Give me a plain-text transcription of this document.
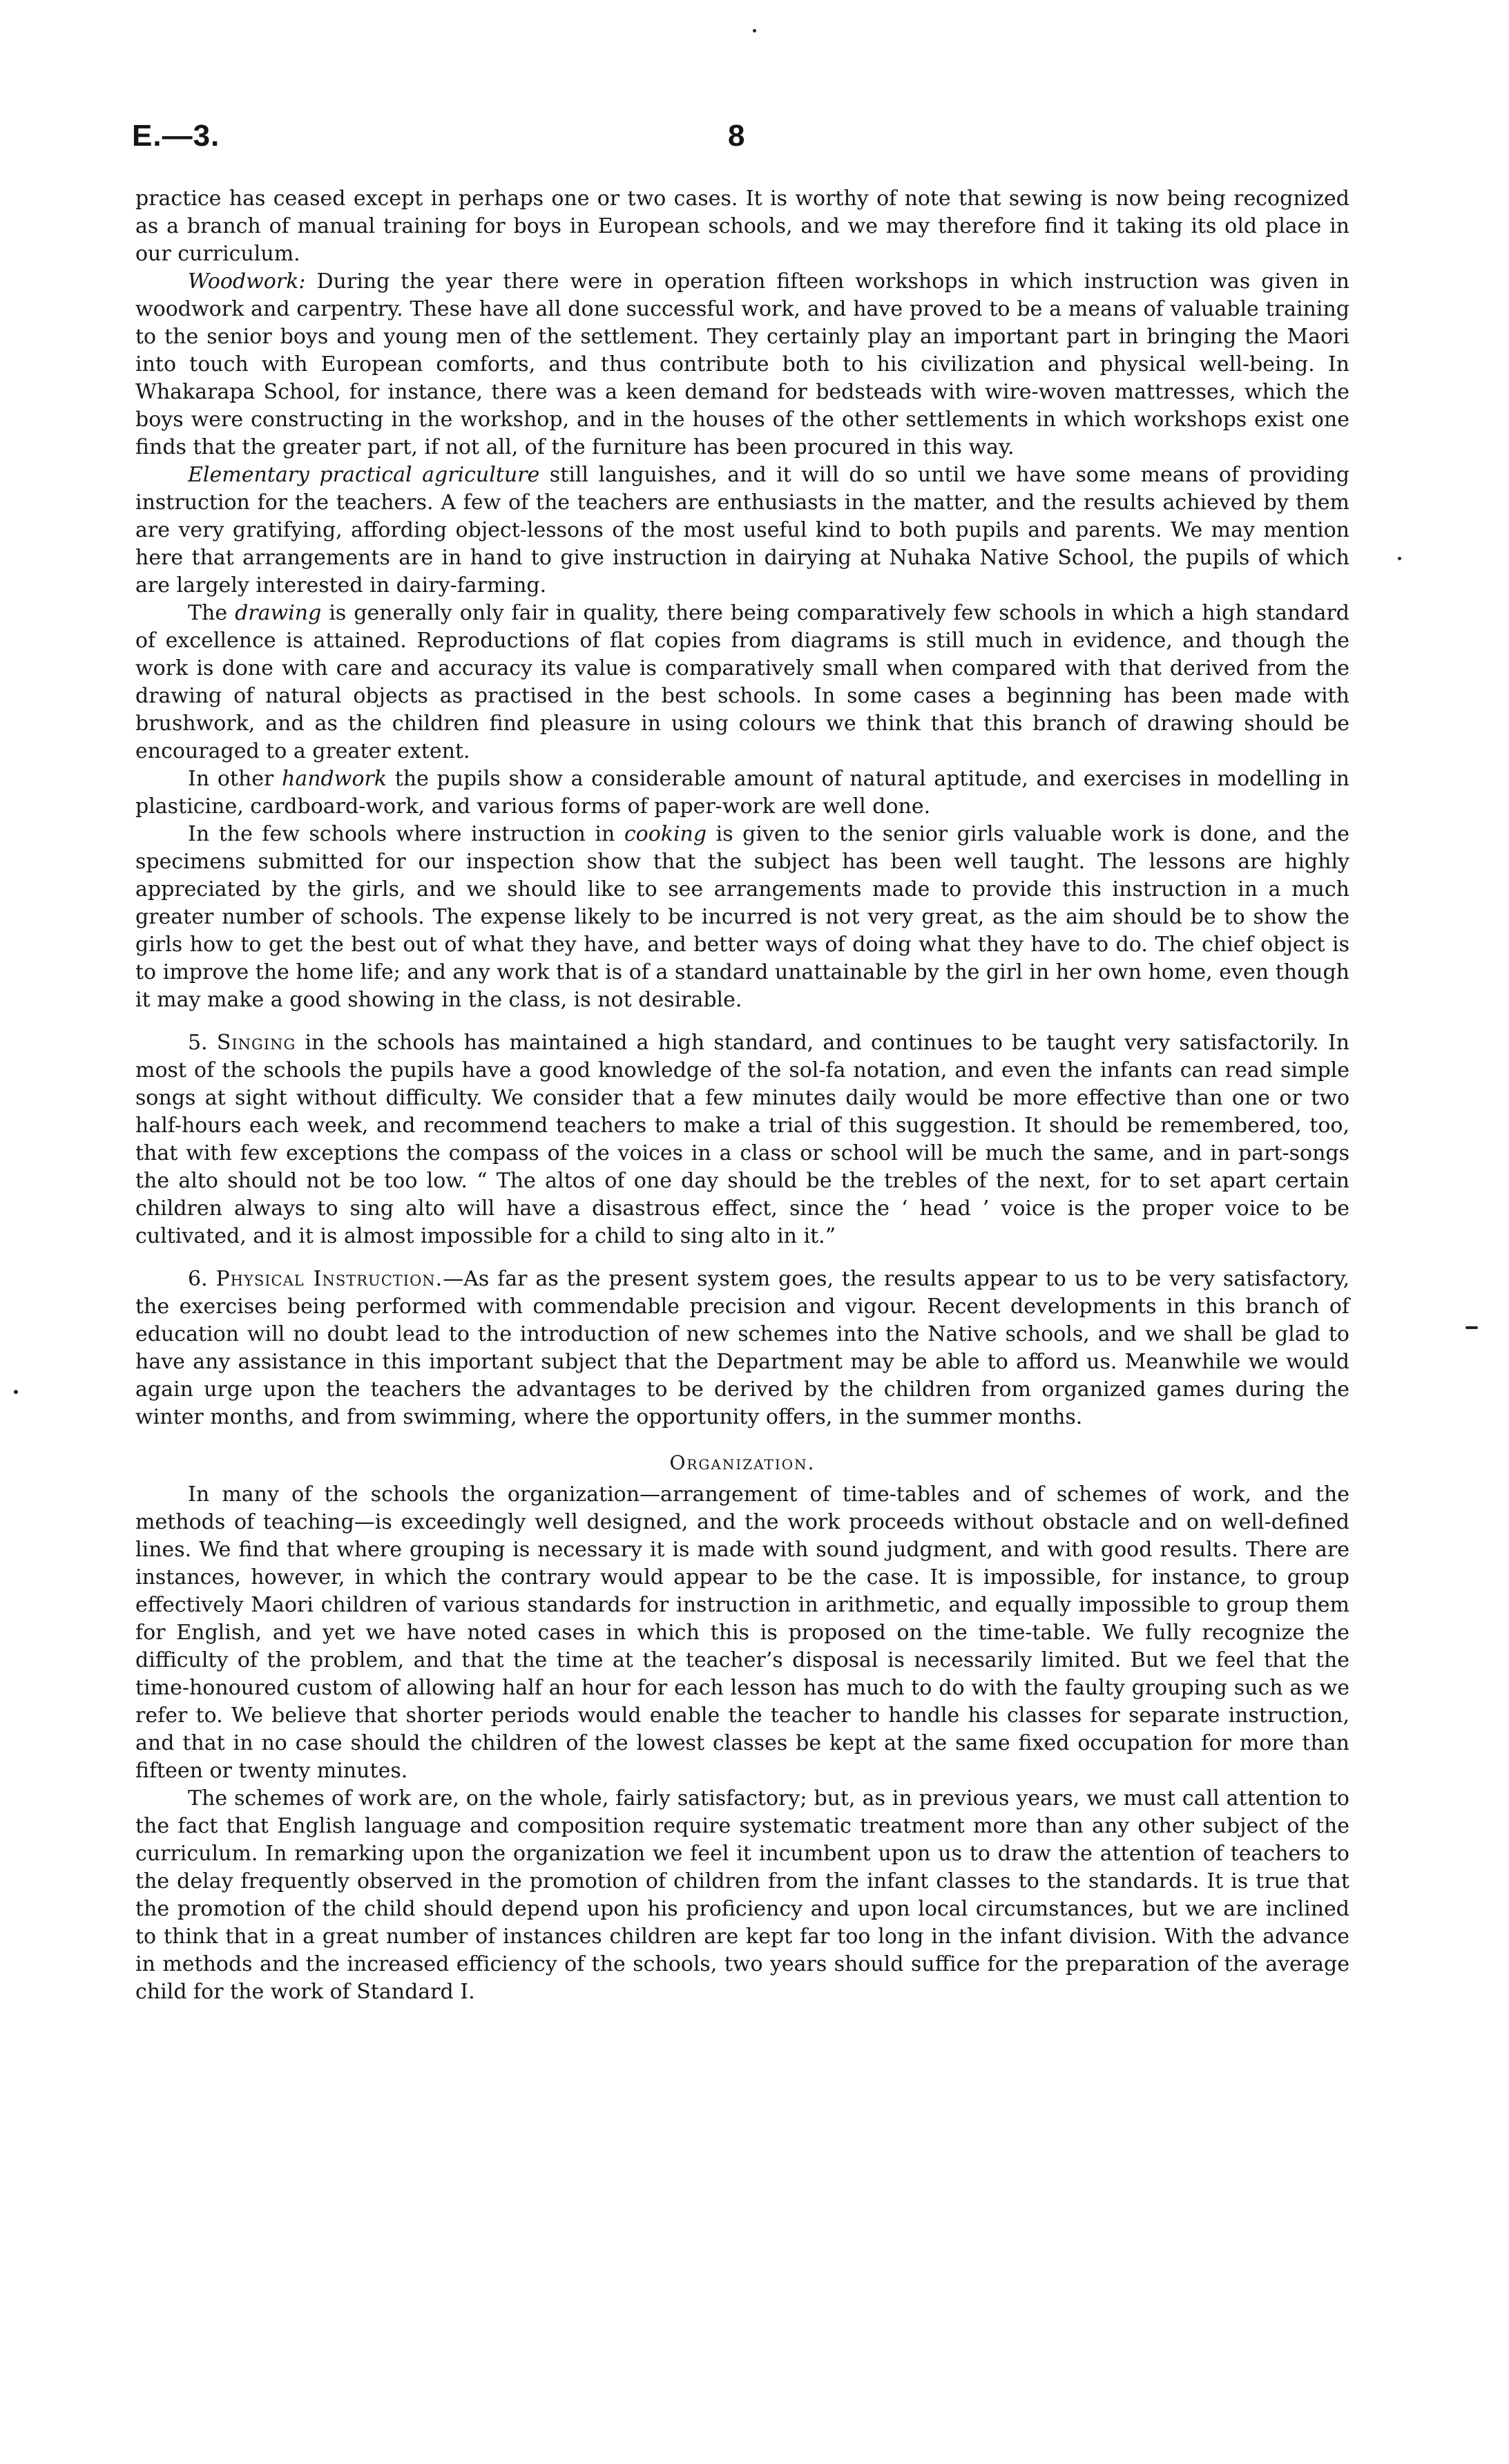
E.—3.	8

practice has ceased except in perhaps one or two cases. It is worthy of note that sewing is now being recognized as a branch of manual training for boys in European schools, and we may therefore find it taking its old place in our curriculum.

Woodwork: During the year there were in operation fifteen workshops in which instruction was given in woodwork and carpentry. These have all done successful work, and have proved to be a means of valuable training to the senior boys and young men of the settlement. They certainly play an important part in bringing the Maori into touch with European comforts, and thus contribute both to his civilization and physical well-being. In Whakarapa School, for instance, there was a keen demand for bedsteads with wire-woven mattresses, which the boys were constructing in the workshop, and in the houses of the other settlements in which workshops exist one finds that the greater part, if not all, of the furniture has been procured in this way.

Elementary practical agriculture still languishes, and it will do so until we have some means of providing instruction for the teachers. A few of the teachers are enthusiasts in the matter, and the results achieved by them are very gratifying, affording object-lessons of the most useful kind to both pupils and parents. We may mention here that arrangements are in hand to give instruction in dairying at Nuhaka Native School, the pupils of which are largely interested in dairy-farming.

The drawing is generally only fair in quality, there being comparatively few schools in which a high standard of excellence is attained. Reproductions of flat copies from diagrams is still much in evidence, and though the work is done with care and accuracy its value is comparatively small when compared with that derived from the drawing of natural objects as practised in the best schools. In some cases a beginning has been made with brushwork, and as the children find pleasure in using colours we think that this branch of drawing should be encouraged to a greater extent.

In other handwork the pupils show a considerable amount of natural aptitude, and exercises in modelling in plasticine, cardboard-work, and various forms of paper-work are well done.

In the few schools where instruction in cooking is given to the senior girls valuable work is done, and the specimens submitted for our inspection show that the subject has been well taught. The lessons are highly appreciated by the girls, and we should like to see arrangements made to provide this instruction in a much greater number of schools. The expense likely to be incurred is not very great, as the aim should be to show the girls how to get the best out of what they have, and better ways of doing what they have to do. The chief object is to improve the home life; and any work that is of a standard unattainable by the girl in her own home, even though it may make a good showing in the class, is not desirable.

5. Singing in the schools has maintained a high standard, and continues to be taught very satisfactorily. In most of the schools the pupils have a good knowledge of the sol-fa notation, and even the infants can read simple songs at sight without difficulty. We consider that a few minutes daily would be more effective than one or two half-hours each week, and recommend teachers to make a trial of this suggestion. It should be remembered, too, that with few exceptions the compass of the voices in a class or school will be much the same, and in part-songs the alto should not be too low. “ The altos of one day should be the trebles of the next, for to set apart certain children always to sing alto will have a disastrous effect, since the ‘ head ’ voice is the proper voice to be cultivated, and it is almost impossible for a child to sing alto in it.”

6. Physical Instruction.—As far as the present system goes, the results appear to us to be very satisfactory, the exercises being performed with commendable precision and vigour. Recent developments in this branch of education will no doubt lead to the introduction of new schemes into the Native schools, and we shall be glad to have any assistance in this important subject that the Department may be able to afford us. Meanwhile we would again urge upon the teachers the advantages to be derived by the children from organized games during the winter months, and from swimming, where the opportunity offers, in the summer months.

Organization.

In many of the schools the organization—arrangement of time-tables and of schemes of work, and the methods of teaching—is exceedingly well designed, and the work proceeds without obstacle and on well-defined lines. We find that where grouping is necessary it is made with sound judgment, and with good results. There are instances, however, in which the contrary would appear to be the case. It is impossible, for instance, to group effectively Maori children of various standards for instruction in arithmetic, and equally impossible to group them for English, and yet we have noted cases in which this is proposed on the time-table. We fully recognize the difficulty of the problem, and that the time at the teacher’s disposal is necessarily limited. But we feel that the time-honoured custom of allowing half an hour for each lesson has much to do with the faulty grouping such as we refer to. We believe that shorter periods would enable the teacher to handle his classes for separate instruction, and that in no case should the children of the lowest classes be kept at the same fixed occupation for more than fifteen or twenty minutes.

The schemes of work are, on the whole, fairly satisfactory; but, as in previous years, we must call attention to the fact that English language and composition require systematic treatment more than any other subject of the curriculum. In remarking upon the organization we feel it incumbent upon us to draw the attention of teachers to the delay frequently observed in the promotion of children from the infant classes to the standards. It is true that the promotion of the child should depend upon his proficiency and upon local circumstances, but we are inclined to think that in a great number of instances children are kept far too long in the infant division. With the advance in methods and the increased efficiency of the schools, two years should suffice for the preparation of the average child for the work of Standard I.
